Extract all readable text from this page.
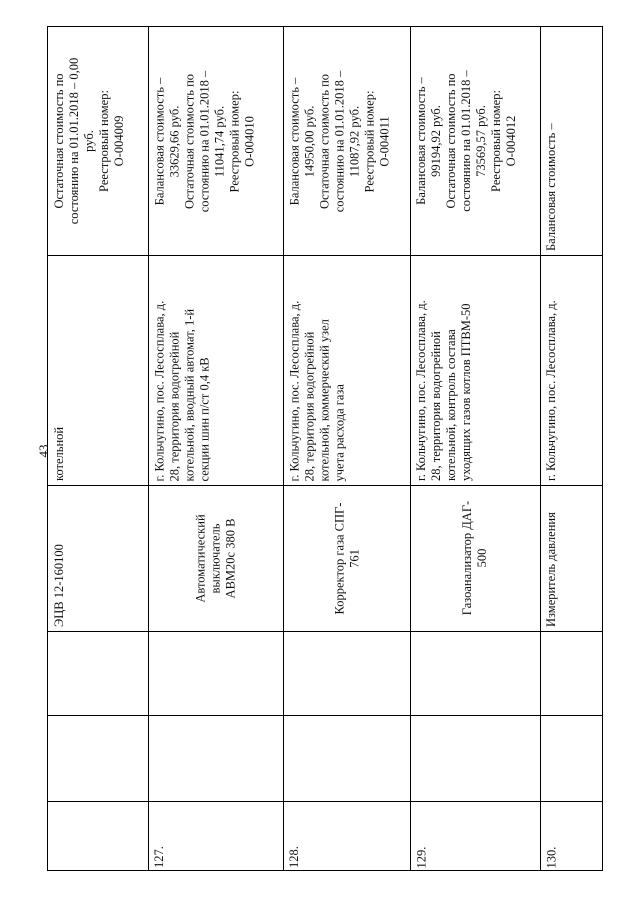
43
Остаточная стоимость по
состоянию на 01.01.2018 – 0,00
руб.
Реестровый номер:
О-004009
котельной
ЭЦВ 12-160100
Балансовая стоимость –
33629,66 руб.
Остаточная стоимость по
состоянию на 01.01.2018 –
11041,74 руб.
Реестровый номер:
О-004010
г. Кольчугино, пос. Лесосплава, д.
28, территория водогрейной
котельной, вводный автомат, 1-й
секции шин п/ст 0,4 кВ
Автоматический
выключатель
АВМ20с 380 В
127.
Балансовая стоимость –
14950,00 руб.
Остаточная стоимость по
состоянию на 01.01.2018 –
11087,92 руб.
Реестровый номер:
О-004011
г. Кольчугино, пос. Лесосплава, д.
28, территория водогрейной
котельной, коммерческий узел
учета расхода газа
Корректор газа СПГ-
761
128.
Балансовая стоимость –
99194,92 руб.
Остаточная стоимость по
состоянию на 01.01.2018 –
73569,57 руб.
Реестровый номер:
О-004012
г. Кольчугино, пос. Лесосплава, д.
28, территория водогрейной
котельной, контроль состава
уходящих газов котлов ПТВМ-50
Газоанализатор ДАГ-
500
129.
Балансовая стоимость –
г. Кольчугино, пос. Лесосплава, д.
Измеритель давления
130.
